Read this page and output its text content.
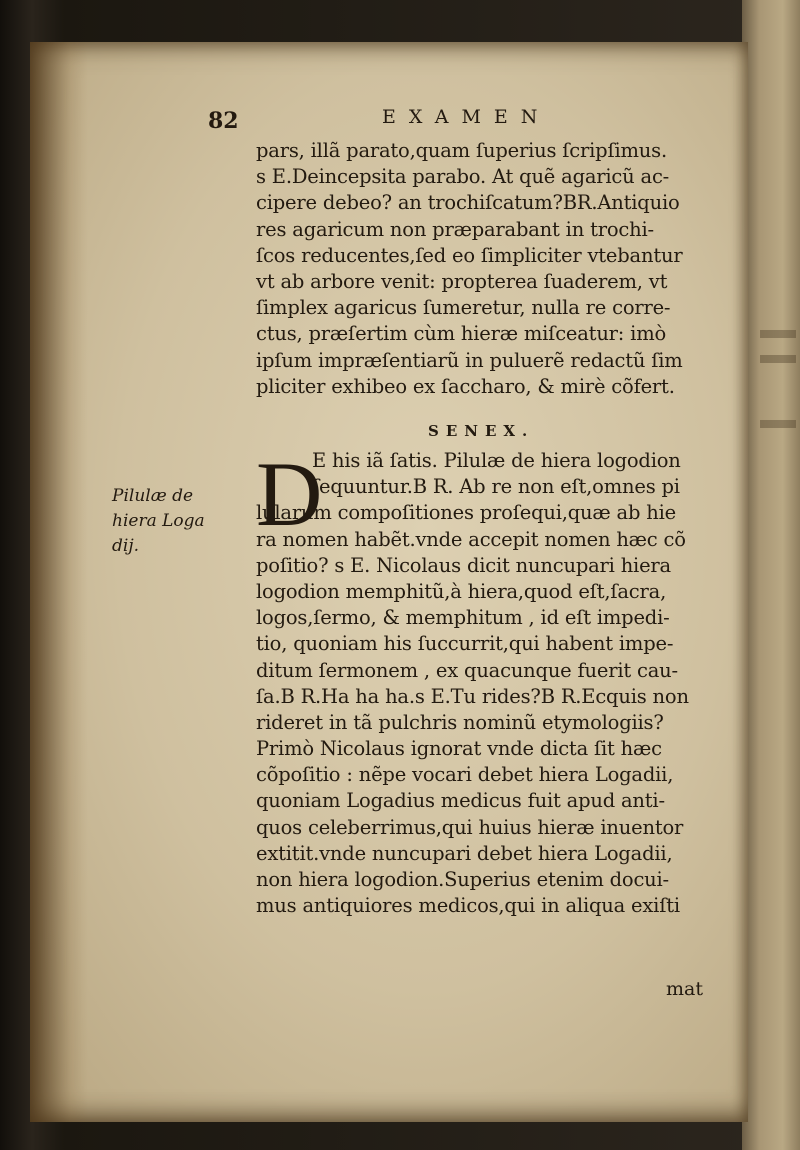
82	EXAMEN
pars, illã parato,quam ſuperius ſcripſimus.
s E.Deincepsita parabo. At quẽ agaricũ ac-
cipere debeo? an trochiſcatum?BR.Antiquio
res agaricum non præparabant in trochi-
ſcos reducentes,ſed eo ſimpliciter vtebantur
vt ab arbore venit: propterea ſuaderem, vt
ſimplex agaricus ſumeretur, nulla re corre-
ctus, præſertim cùm hieræ miſceatur: imò
ipſum impræſentiarũ in puluerẽ redactũ ſim
pliciter exhibeo ex ſaccharo, & mirè cõfert.
SENEX.
D
E his iã ſatis. Pilulæ de hiera logodion
ſequuntur.B R. Ab re non eſt,omnes pi
lularum compoſitiones proſequi,quæ ab hie
ra nomen habẽt.vnde accepit nomen hæc cõ
poſitio? s E. Nicolaus dicit nuncupari hiera
logodion memphitũ,à hiera,quod eſt,ſacra,
logos,ſermo, & memphitum , id eſt impedi-
tio, quoniam his ſuccurrit,qui habent impe-
ditum ſermonem , ex quacunque fuerit cau-
ſa.B R.Ha ha ha.s E.Tu rides?B R.Ecquis non
rideret in tã pulchris nominũ etymologiis?
Primò Nicolaus ignorat vnde dicta ſit hæc
cõpoſitio : nẽpe vocari debet hiera Logadii,
quoniam Logadius medicus fuit apud anti-
quos celeberrimus,qui huius hieræ inuentor
extitit.vnde nuncupari debet hiera Logadii,
non hiera logodion.Superius etenim docui-
mus antiquiores medicos,qui in aliqua exiſti
Pilulæ de
hiera Loga
dij.
mat
